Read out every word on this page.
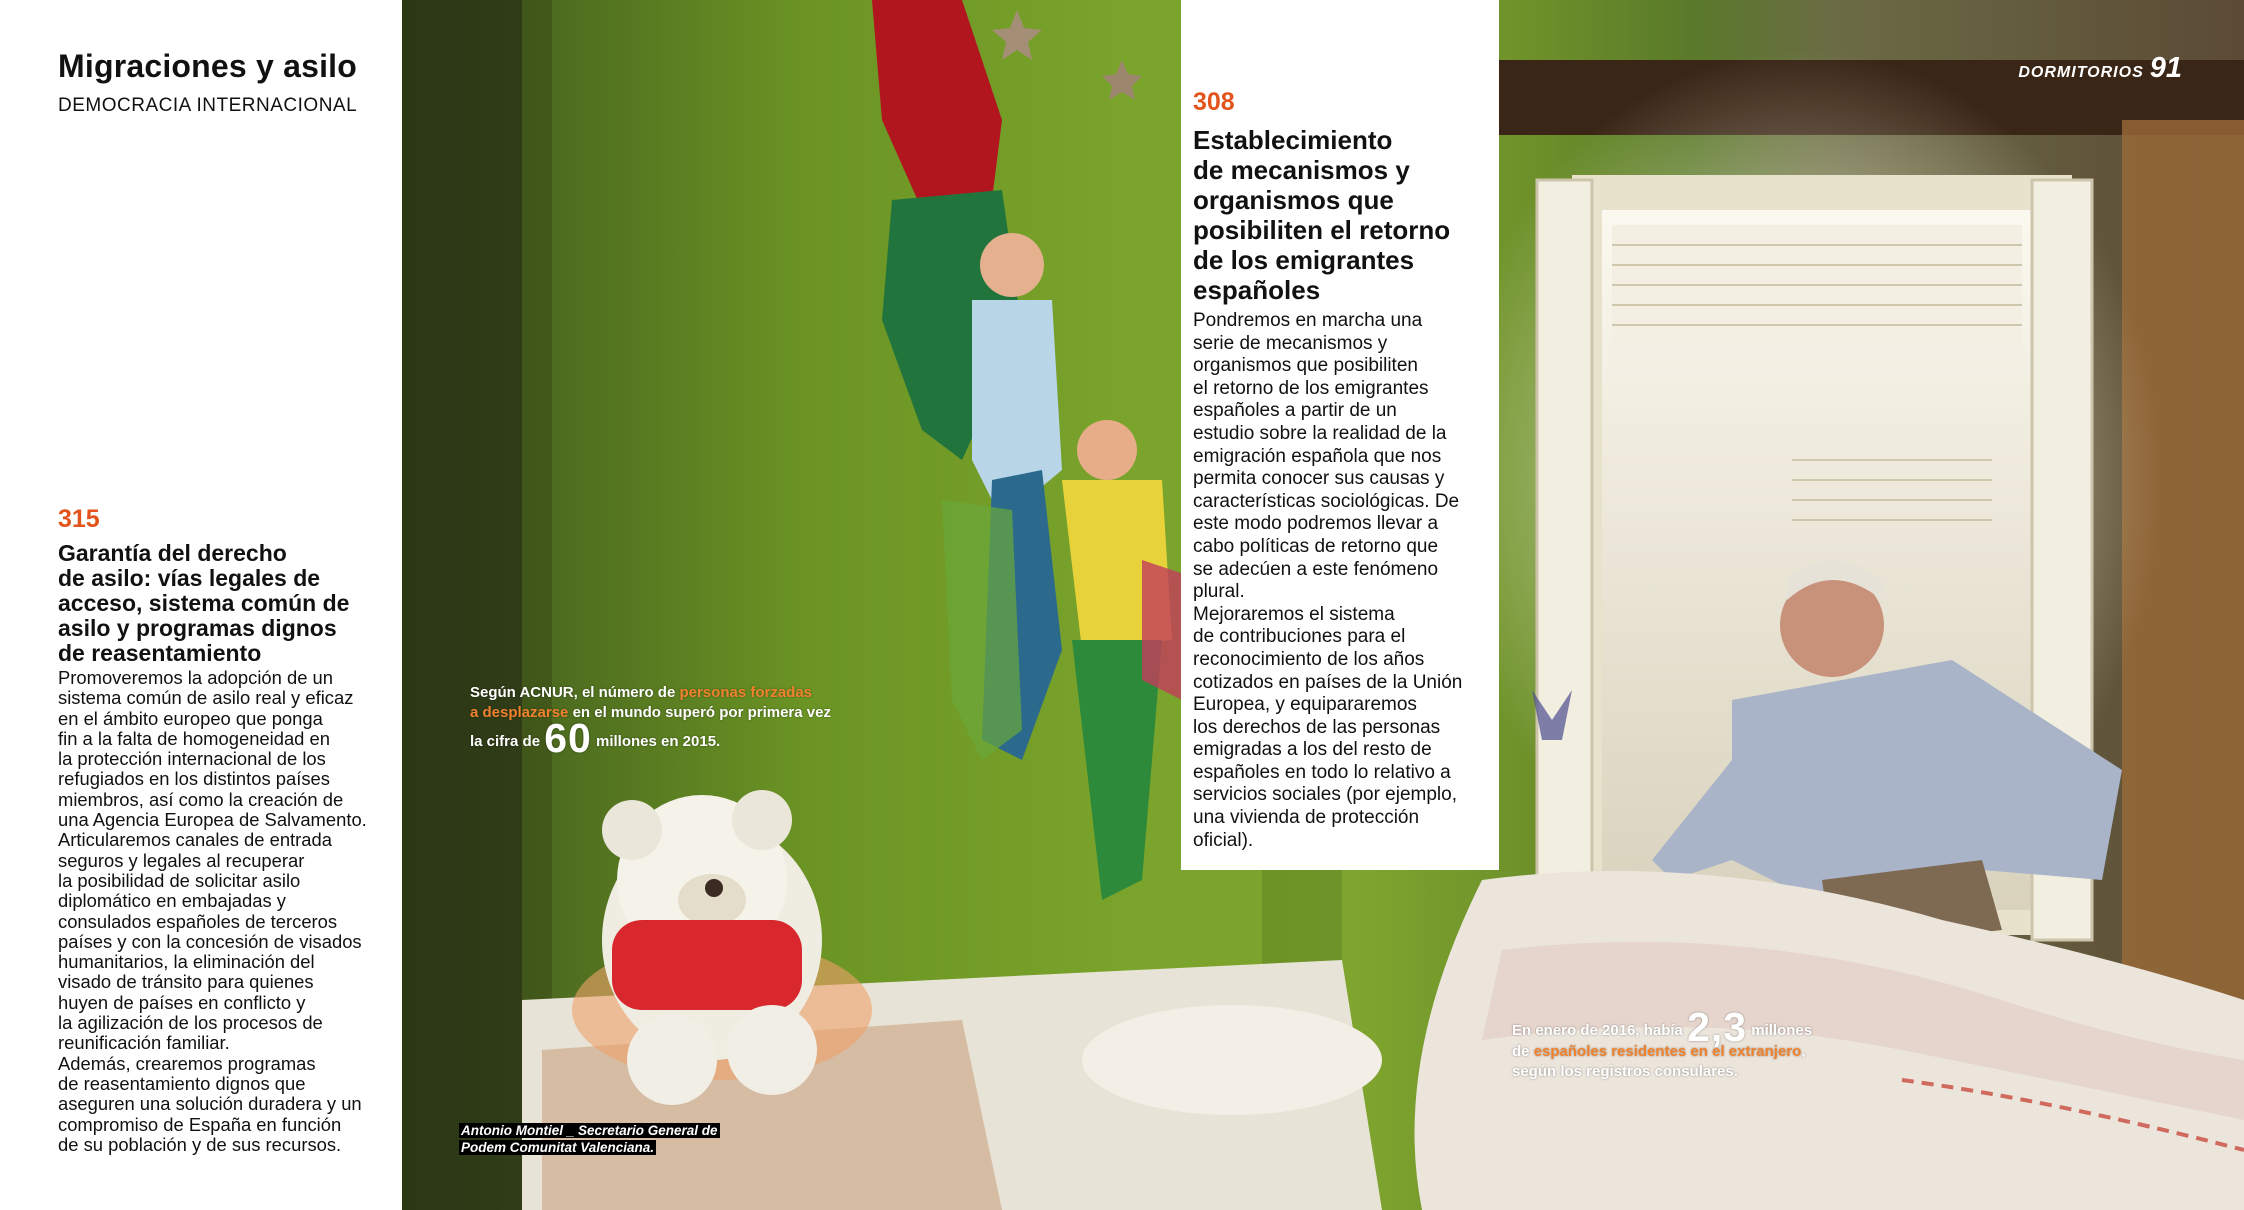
Migraciones y asilo
DEMOCRACIA INTERNACIONAL
315
Garantía del derecho
de asilo: vías legales de
acceso, sistema común de
asilo y programas dignos
de reasentamiento

Promoveremos la adopción de un

sistema común de asilo real y eficaz

en el ámbito europeo que ponga

fin a la falta de homogeneidad en

la protección internacional de los

refugiados en los distintos países

miembros, así como la creación de

una Agencia Europea de Salvamento.

Articularemos canales de entrada

seguros y legales al recuperar

la posibilidad de solicitar asilo

diplomático en embajadas y

consulados españoles de terceros

países y con la concesión de visados

humanitarios, la eliminación del

visado de tránsito para quienes

huyen de países en conflicto y

la agilización de los procesos de

reunificación familiar.

Además, crearemos programas

de reasentamiento dignos que

aseguren una solución duradera y un

compromiso de España en función

de su población y de sus recursos.

308
Establecimiento
de mecanismos y
organismos que
posibiliten el retorno
de los emigrantes
españoles

Pondremos en marcha una

serie de mecanismos y

organismos que posibiliten

el retorno de los emigrantes

españoles a partir de un

estudio sobre la realidad de la

emigración española que nos

permita conocer sus causas y

características sociológicas. De

este modo podremos llevar a

cabo políticas de retorno que

se adecúen a este fenómeno

plural.

Mejoraremos el sistema

de contribuciones para el

reconocimiento de los años

cotizados en países de la Unión

Europea, y equipararemos

los derechos de las personas

emigradas a los del resto de

españoles en todo lo relativo a

servicios sociales (por ejemplo,

una vivienda de protección

oficial).

DORMITORIOS 91
Según ACNUR, el número de personas forzadas
a desplazarse en el mundo superó por primera vez
la cifra de 60 millones en 2015.
En enero de 2016, había 2,3 millones
de españoles residentes en el extranjero,
según los registros consulares.
Antonio Montiel _ Secretario General de
Podem Comunitat Valenciana.
